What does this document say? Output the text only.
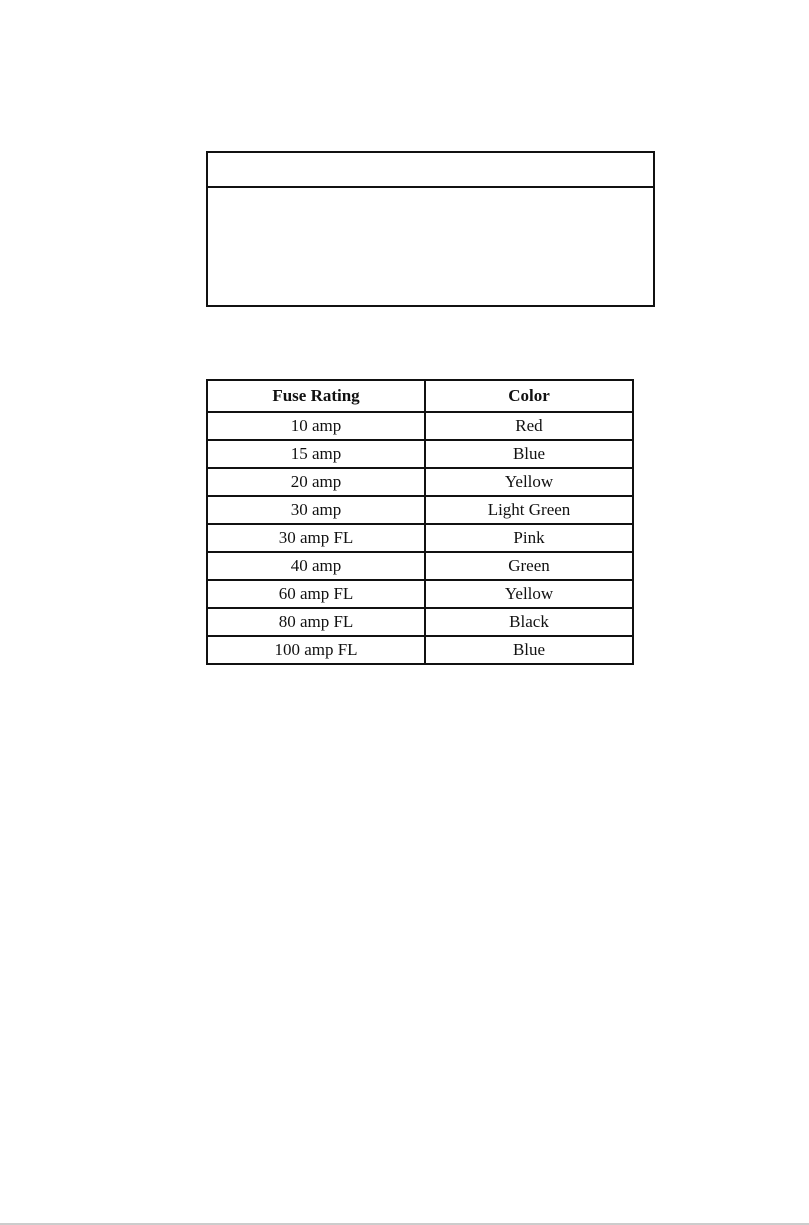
Fuse Rating	Color
10 amp	Red
15 amp	Blue
20 amp	Yellow
30 amp	Light Green
30 amp FL	Pink
40 amp	Green
60 amp FL	Yellow
80 amp FL	Black
100 amp FL	Blue
